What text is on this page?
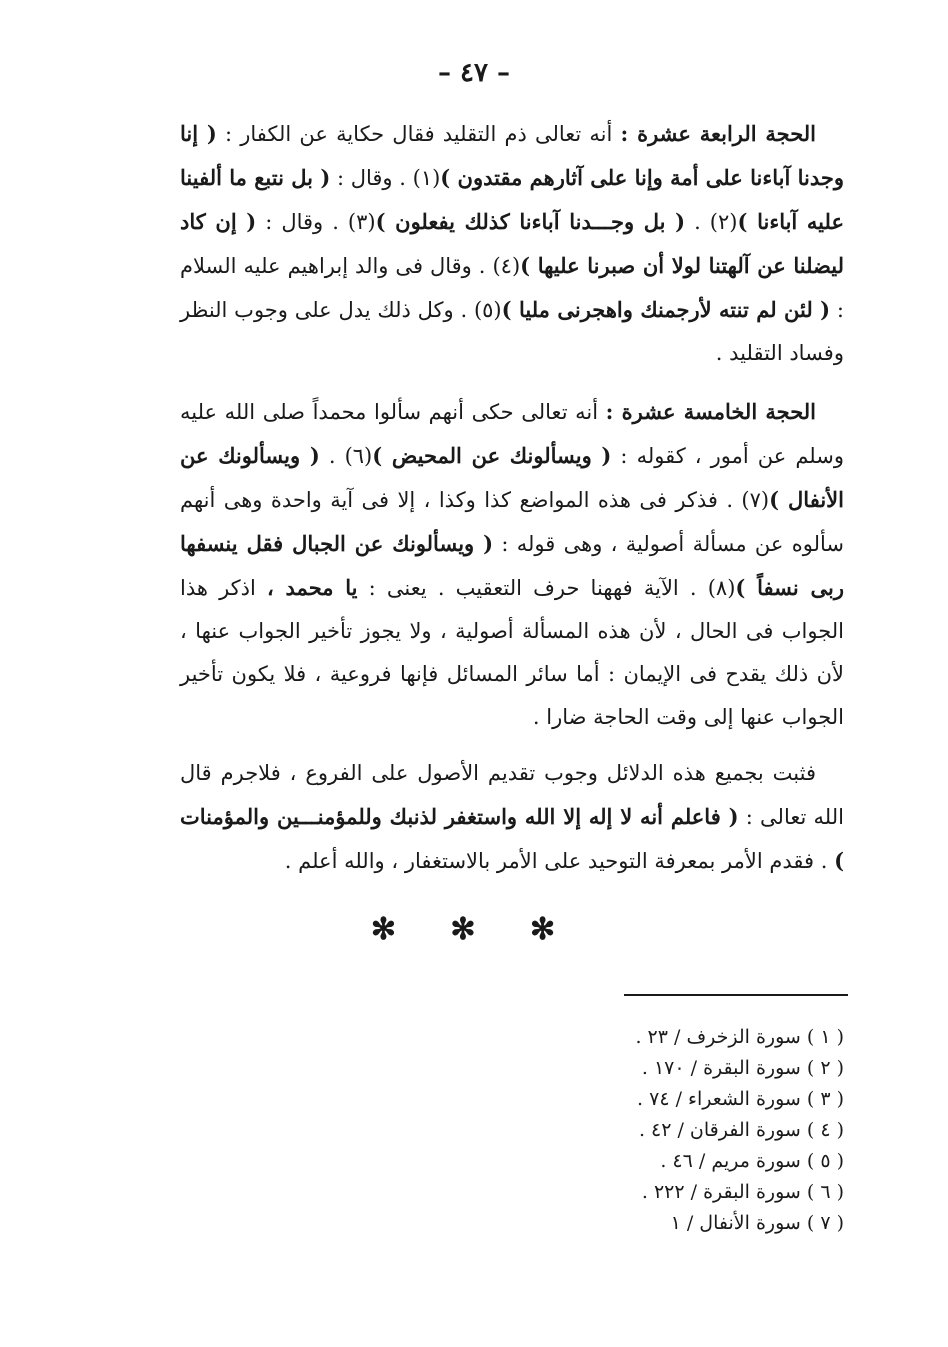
– ٤٧ –

الحجة الرابعة عشرة : أنه تعالى ذم التقليد فقال حكاية عن الكفار : ( إنا وجدنا آباءنا على أمة وإنا على آثارهم مقتدون )(١) . وقال : ( بل نتبع ما ألفينا عليه آباءنا )(٢) . ( بل وجـــدنا آباءنا كذلك يفعلون )(٣) . وقال : ( إن كاد ليضلنا عن آلهتنا لولا أن صبرنا عليها )(٤) . وقال فى والد إبراهيم عليه السلام : ( لئن لم تنته لأرجمنك واهجرنى مليا )(٥) . وكل ذلك يدل على وجوب النظر وفساد التقليد .

الحجة الخامسة عشرة : أنه تعالى حكى أنهم سألوا محمداً صلى الله عليه وسلم عن أمور ، كقوله : ( ويسألونك عن المحيض )(٦) . ( ويسألونك عن الأنفال )(٧) . فذكر فى هذه المواضع كذا وكذا ، إلا فى آية واحدة وهى أنهم سألوه عن مسألة أصولية ، وهى قوله : ( ويسألونك عن الجبال فقل ينسفها ربى نسفاً )(٨) . الآية فههنا حرف التعقيب . يعنى : يا محمد ، اذكر هذا الجواب فى الحال ، لأن هذه المسألة أصولية ، ولا يجوز تأخير الجواب عنها ، لأن ذلك يقدح فى الإيمان : أما سائر المسائل فإنها فروعية ، فلا يكون تأخير الجواب عنها إلى وقت الحاجة ضارا .

فثبت بجميع هذه الدلائل وجوب تقديم الأصول على الفروع ، فلاجرم قال الله تعالى : ( فاعلم أنه لا إله إلا الله واستغفر لذنبك وللمؤمنـــين والمؤمنات ) . فقدم الأمر بمعرفة التوحيد على الأمر بالاستغفار ، والله أعلم .

✻ ✻ ✻
( ١ ) سورة الزخرف / ٢٣ .
( ٢ ) سورة البقرة / ١٧٠ .
( ٣ ) سورة الشعراء / ٧٤ .
( ٤ ) سورة الفرقان / ٤٢ .
( ٥ ) سورة مريم / ٤٦ .
( ٦ ) سورة البقرة / ٢٢٢ .
( ٧ ) سورة الأنفال / ١
